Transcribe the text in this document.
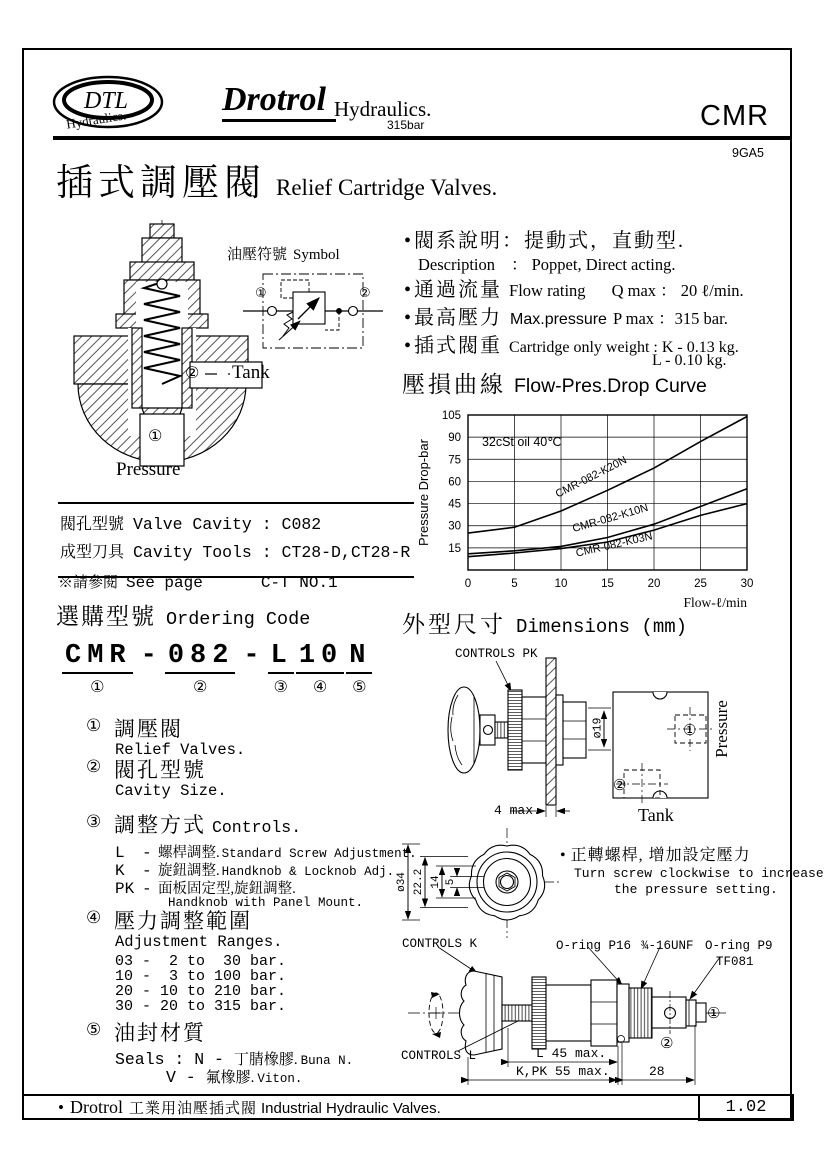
DTL
Hydraulics.
Drotrol Hydraulics.
315bar	CMR
9GA5
插式調壓閥 Relief Cartridge Valves.
② Tank
①
Pressure
油壓符號 Symbol
①	②
閥孔型號 Valve Cavity : C082
成型刀具 Cavity Tools : CT28-D,CT28-R
※請參閱 See page	C-T NO.1
選購型號 Ordering Code
CMR
①
- 082
②
- L
③
10
④
N
⑤
① 調壓閥
Relief Valves.
② 閥孔型號
Cavity Size.
③ 調整方式 Controls.
L	- 螺桿調整. Standard Screw Adjustment.
K	- 旋鈕調整. Handknob & Locknob Adj.
PK - 面板固定型,旋鈕調整.
Handknob with Panel Mount.
④ 壓力調整範圍
Adjustment Ranges.
03 -  2 to  30 bar.
10 -  3 to 100 bar.
20 - 10 to 210 bar.
30 - 20 to 315 bar.
⑤ 油封材質
Seals : N - 丁腈橡膠. Buna N.
V - 氟橡膠. Viton.
• 閥系說明：提動式，直動型.
Description ： Poppet, Direct acting.
• 通過流量 Flow rating Q max ： 20 ℓ/min.
• 最高壓力 Max.pressure P max ：315 bar.
• 插式閥重 Cartridge only weight : K - 0.13 kg.
L - 0.10 kg.
壓損曲線 Flow-Pres.Drop Curve
0	5	10	15	20	25	30
15
30
45
60
75
90
105
CMR-082-K20N
CMR-082-K10N
CMR-082-K03N
32cSt oil 40℃
Pressure Drop-bar
Flow-ℓ/min
外型尺寸 Dimensions (mm)
CONTROLS PK
ø19
4 max.	Tank
Pressure
①
②
ø34 22.2 14 5
• 正轉螺桿, 增加設定壓力
Turn screw clockwise to increase
the pressure setting.
CONTROLS K	O-ring P16 ¾-16UNF O-ring P9
TF081
CONTROLS L	L 45 max.
K,PK 55 max.	28
①
②
• Drotrol 工業用油壓插式閥 Industrial Hydraulic Valves.	1.02
